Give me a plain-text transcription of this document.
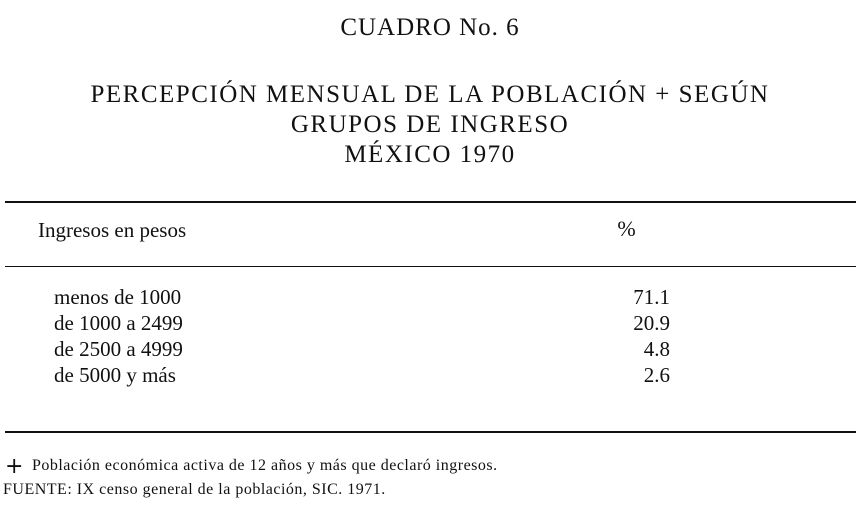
CUADRO No. 6
PERCEPCIÓN MENSUAL DE LA POBLACIÓN + SEGÚN
GRUPOS DE INGRESO
MÉXICO 1970
Ingresos en pesos	%
menos de 1000	71.1
de 1000 a 2499	20.9
de 2500 a 4999	4.8
de 5000 y más	2.6
+ Población económica activa de 12 años y más que declaró ingresos.
FUENTE: IX censo general de la población, SIC. 1971.
